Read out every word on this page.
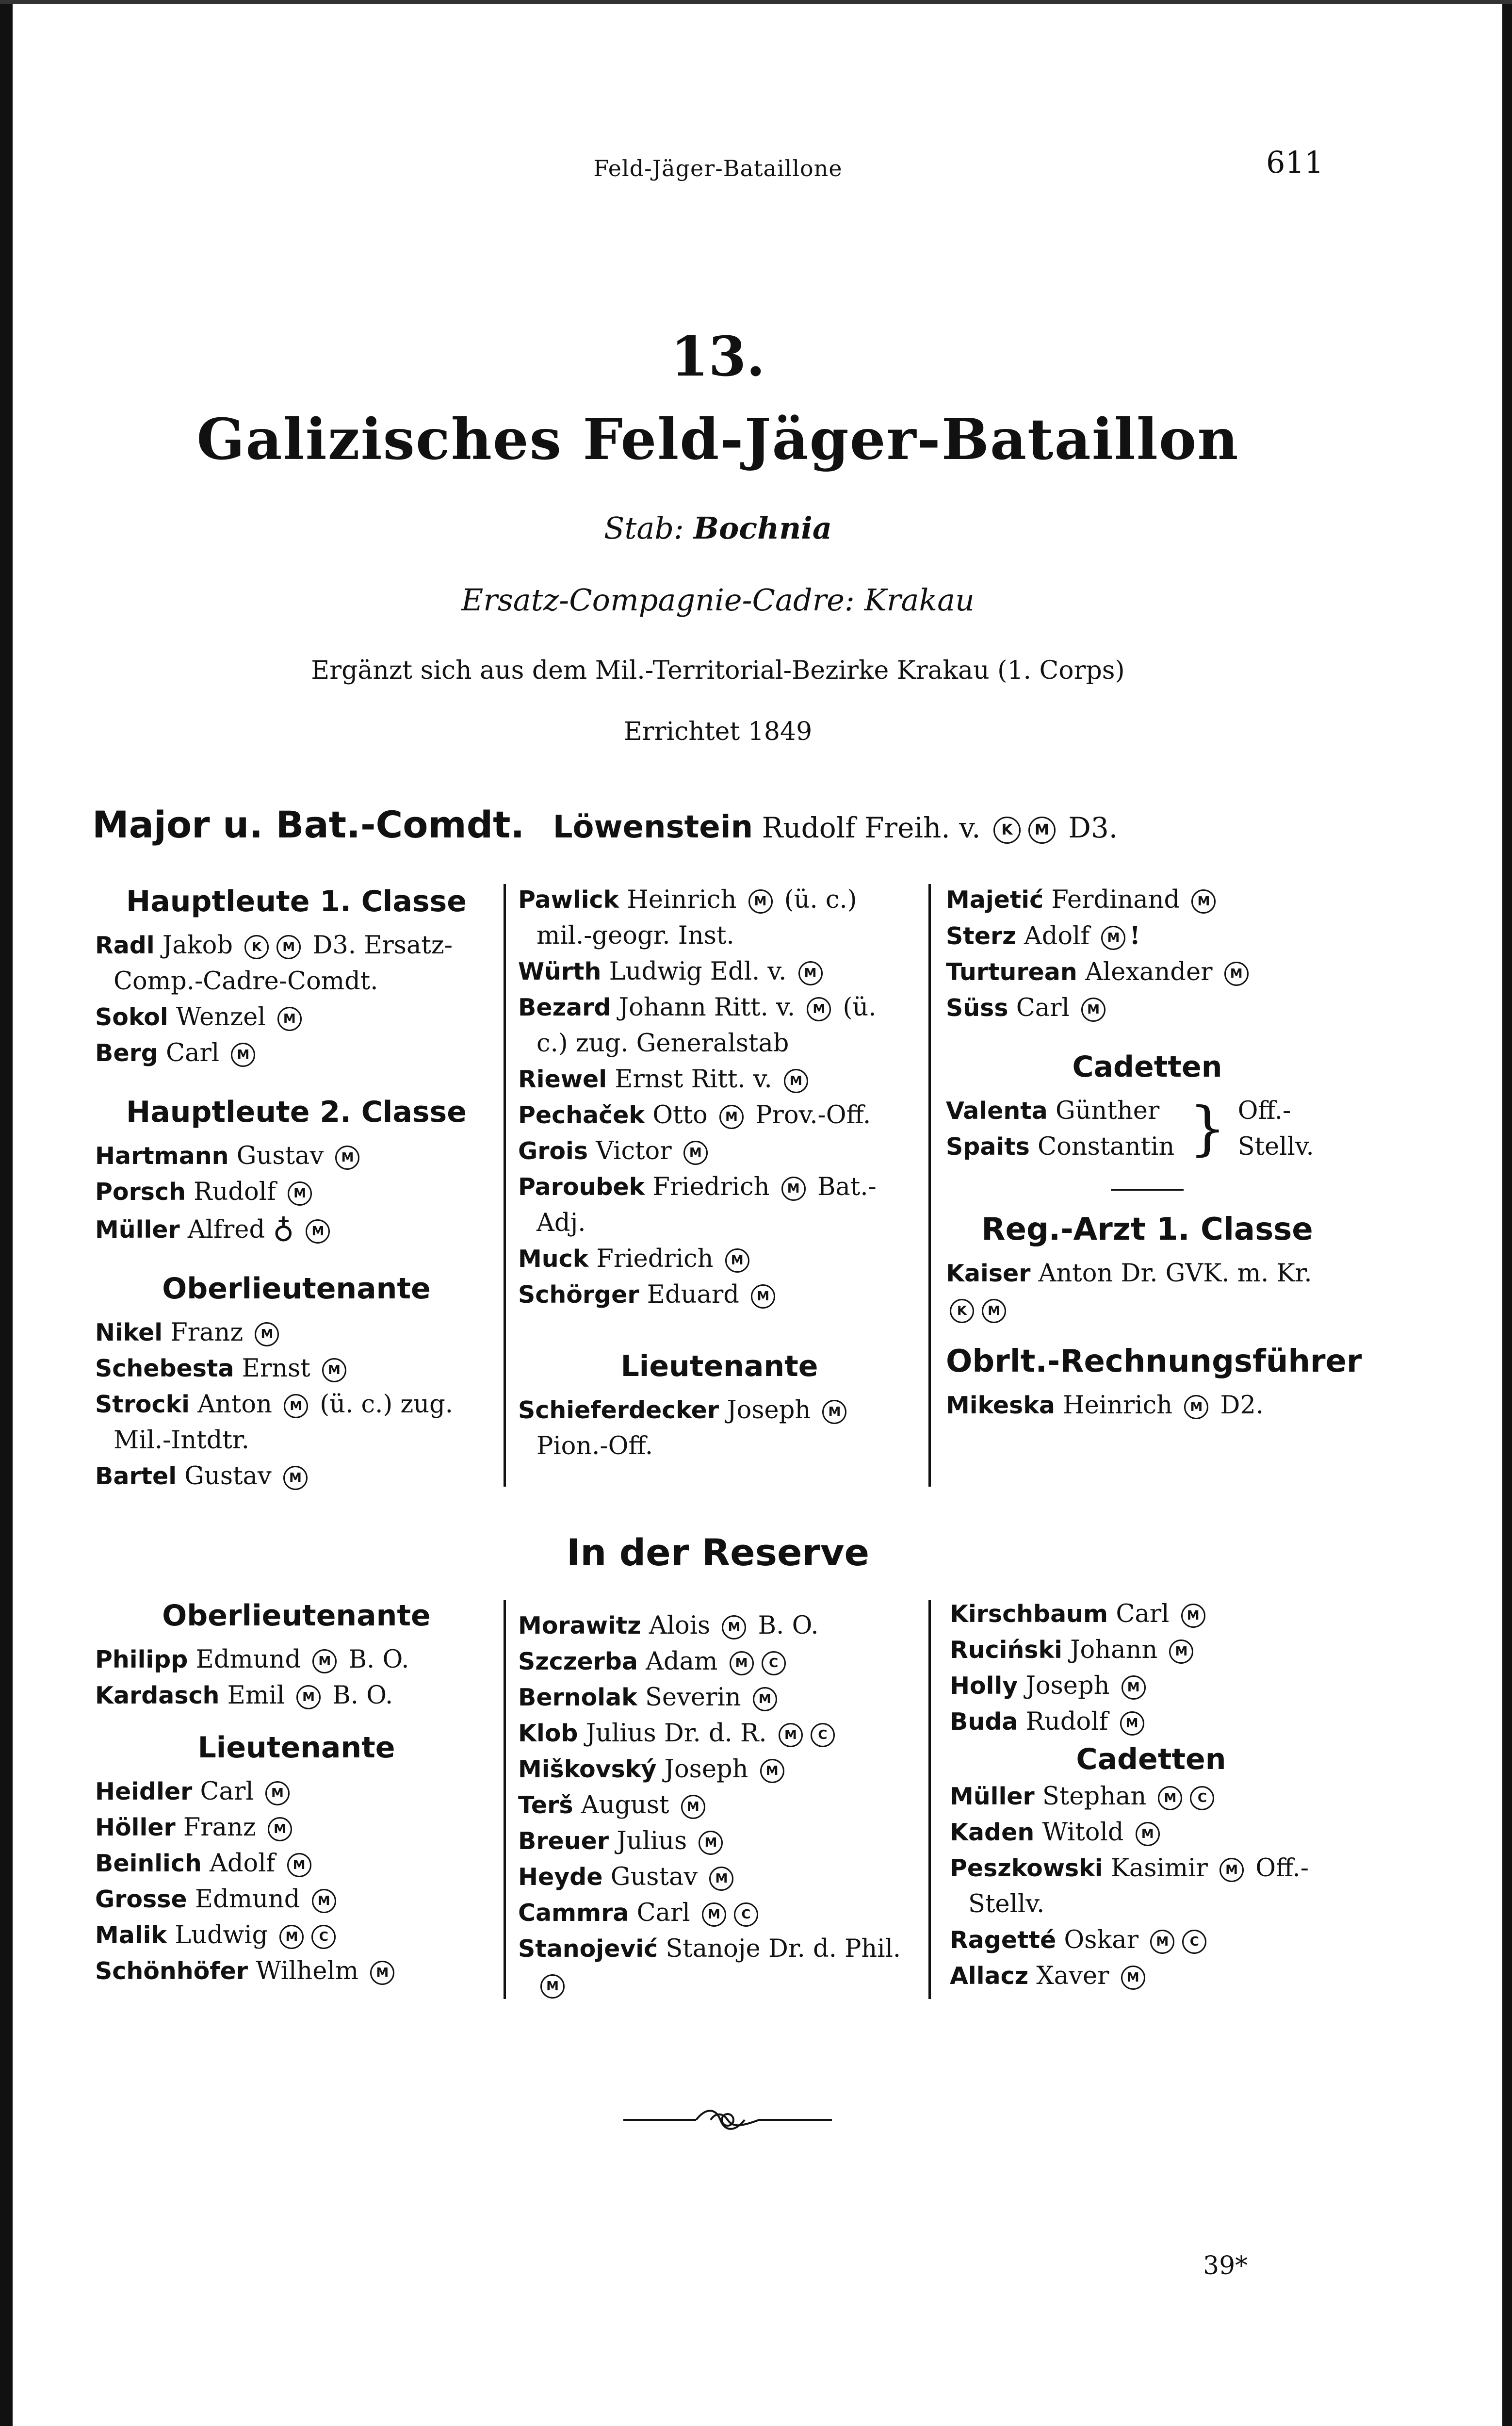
Feld-Jäger-Bataillone	611
13.
Galizisches Feld-Jäger-Bataillon
Stab: Bochnia
Ersatz-Compagnie-Cadre: Krakau
Ergänzt sich aus dem Mil.-Territorial-Bezirke Krakau (1. Corps)
Errichtet 1849
Major u. Bat.-Comdt. Löwenstein Rudolf Freih. v. K M D3.
Hauptleute 1. Classe
Radl Jakob K M D3. Ersatz-
Comp.-Cadre-Comdt.
Sokol Wenzel M
Berg Carl M
Hauptleute 2. Classe
Hartmann Gustav M
Porsch Rudolf M
Müller Alfred ♁ M
Oberlieutenante
Nikel Franz M
Schebesta Ernst M
Strocki Anton M (ü. c.) zug.
Mil.-Intdtr.
Bartel Gustav M
Pawlick Heinrich M (ü. c.)
mil.-geogr. Inst.
Würth Ludwig Edl. v. M
Bezard Johann Ritt. v. M (ü.
c.) zug. Generalstab
Riewel Ernst Ritt. v. M
Pechaček Otto M Prov.-Off.
Grois Victor M
Paroubek Friedrich M Bat.-
Adj.
Muck Friedrich M
Schörger Eduard M
Lieutenante
Schieferdecker Joseph M
Pion.-Off.
Majetić Ferdinand M
Sterz Adolf M !
Turturean Alexander M
Süss Carl M
Cadetten
Valenta Günther
Spaits Constantin } Off.-
Stellv.
Reg.-Arzt 1. Classe
Kaiser Anton Dr. GVK. m. Kr.
K M
Obrlt.-Rechnungsführer
Mikeska Heinrich M D2.
In der Reserve
Oberlieutenante
Philipp Edmund M B. O.
Kardasch Emil M B. O.
Lieutenante
Heidler Carl M
Höller Franz M
Beinlich Adolf M
Grosse Edmund M
Malik Ludwig M C
Schönhöfer Wilhelm M
Morawitz Alois M B. O.
Szczerba Adam M C
Bernolak Severin M
Klob Julius Dr. d. R. M C
Miškovský Joseph M
Terš August M
Breuer Julius M
Heyde Gustav M
Cammra Carl M C
Stanojević Stanoje Dr. d. Phil.
M
Kirschbaum Carl M
Ruciński Johann M
Holly Joseph M
Buda Rudolf M
Cadetten
Müller Stephan M C
Kaden Witold M
Peszkowski Kasimir M Off.-
Stellv.
Ragetté Oskar M C
Allacz Xaver M
39*
